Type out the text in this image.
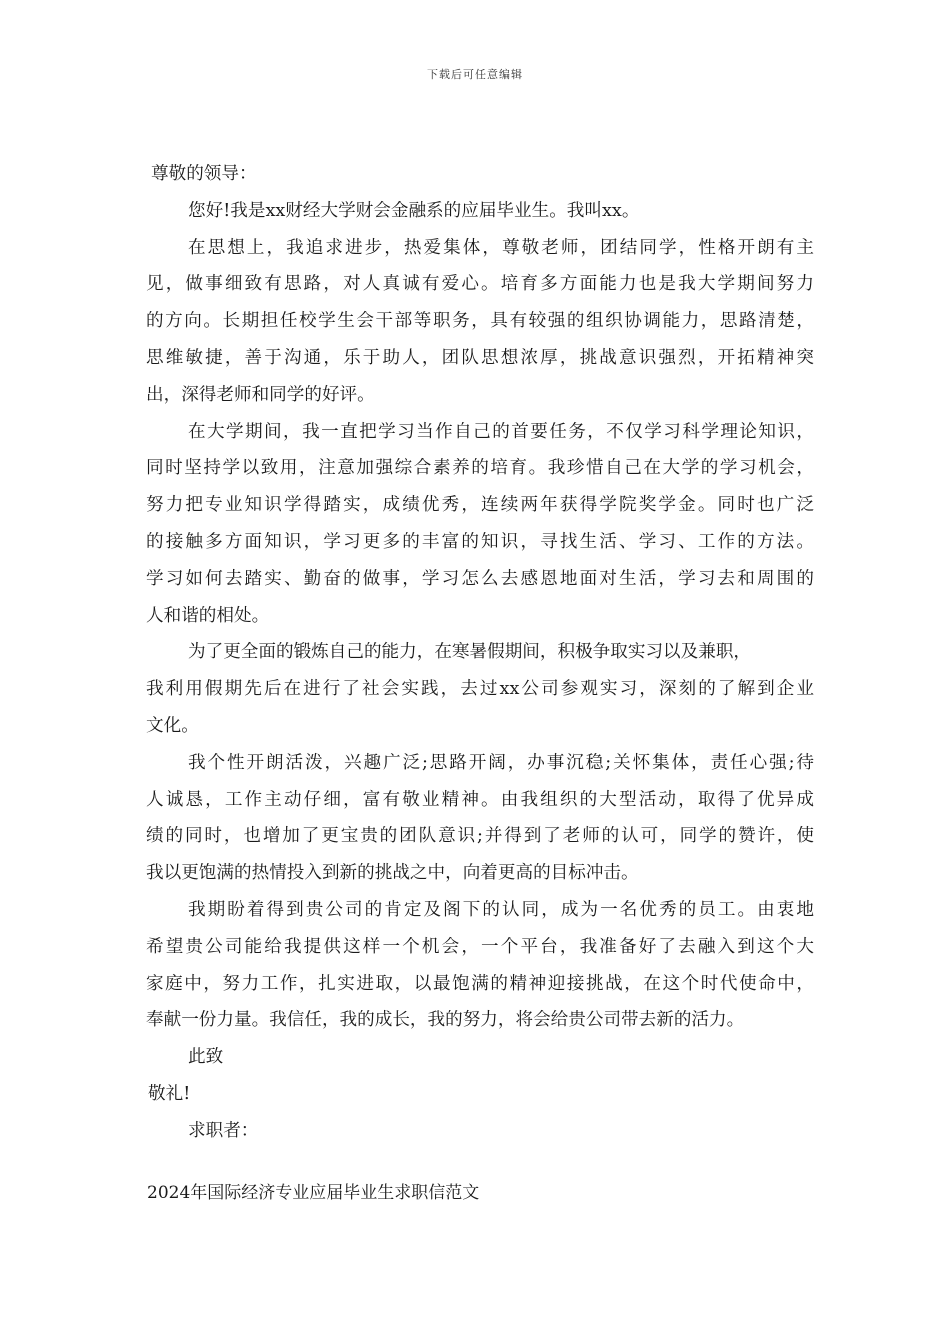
下载后可任意编辑
尊敬的领导：
您好!我是xx财经大学财会金融系的应届毕业生。我叫xx。
在思想上，我追求进步，热爱集体，尊敬老师，团结同学，性格开朗有主
见，做事细致有思路，对人真诚有爱心。培育多方面能力也是我大学期间努力
的方向。长期担任校学生会干部等职务，具有较强的组织协调能力，思路清楚，
思维敏捷，善于沟通，乐于助人，团队思想浓厚，挑战意识强烈，开拓精神突
出，深得老师和同学的好评。
在大学期间，我一直把学习当作自己的首要任务，不仅学习科学理论知识，
同时坚持学以致用，注意加强综合素养的培育。我珍惜自己在大学的学习机会，
努力把专业知识学得踏实，成绩优秀，连续两年获得学院奖学金。同时也广泛
的接触多方面知识，学习更多的丰富的知识，寻找生活、学习、工作的方法。
学习如何去踏实、勤奋的做事，学习怎么去感恩地面对生活，学习去和周围的
人和谐的相处。
为了更全面的锻炼自己的能力，在寒暑假期间，积极争取实习以及兼职，
我利用假期先后在进行了社会实践，去过xx公司参观实习，深刻的了解到企业
文化。
我个性开朗活泼，兴趣广泛;思路开阔，办事沉稳;关怀集体，责任心强;待
人诚恳，工作主动仔细，富有敬业精神。由我组织的大型活动，取得了优异成
绩的同时，也增加了更宝贵的团队意识;并得到了老师的认可，同学的赞许，使
我以更饱满的热情投入到新的挑战之中，向着更高的目标冲击。
我期盼着得到贵公司的肯定及阁下的认同，成为一名优秀的员工。由衷地
希望贵公司能给我提供这样一个机会，一个平台，我准备好了去融入到这个大
家庭中，努力工作，扎实进取，以最饱满的精神迎接挑战，在这个时代使命中，
奉献一份力量。我信任，我的成长，我的努力，将会给贵公司带去新的活力。
此致
敬礼!
求职者：
2024年国际经济专业应届毕业生求职信范文
